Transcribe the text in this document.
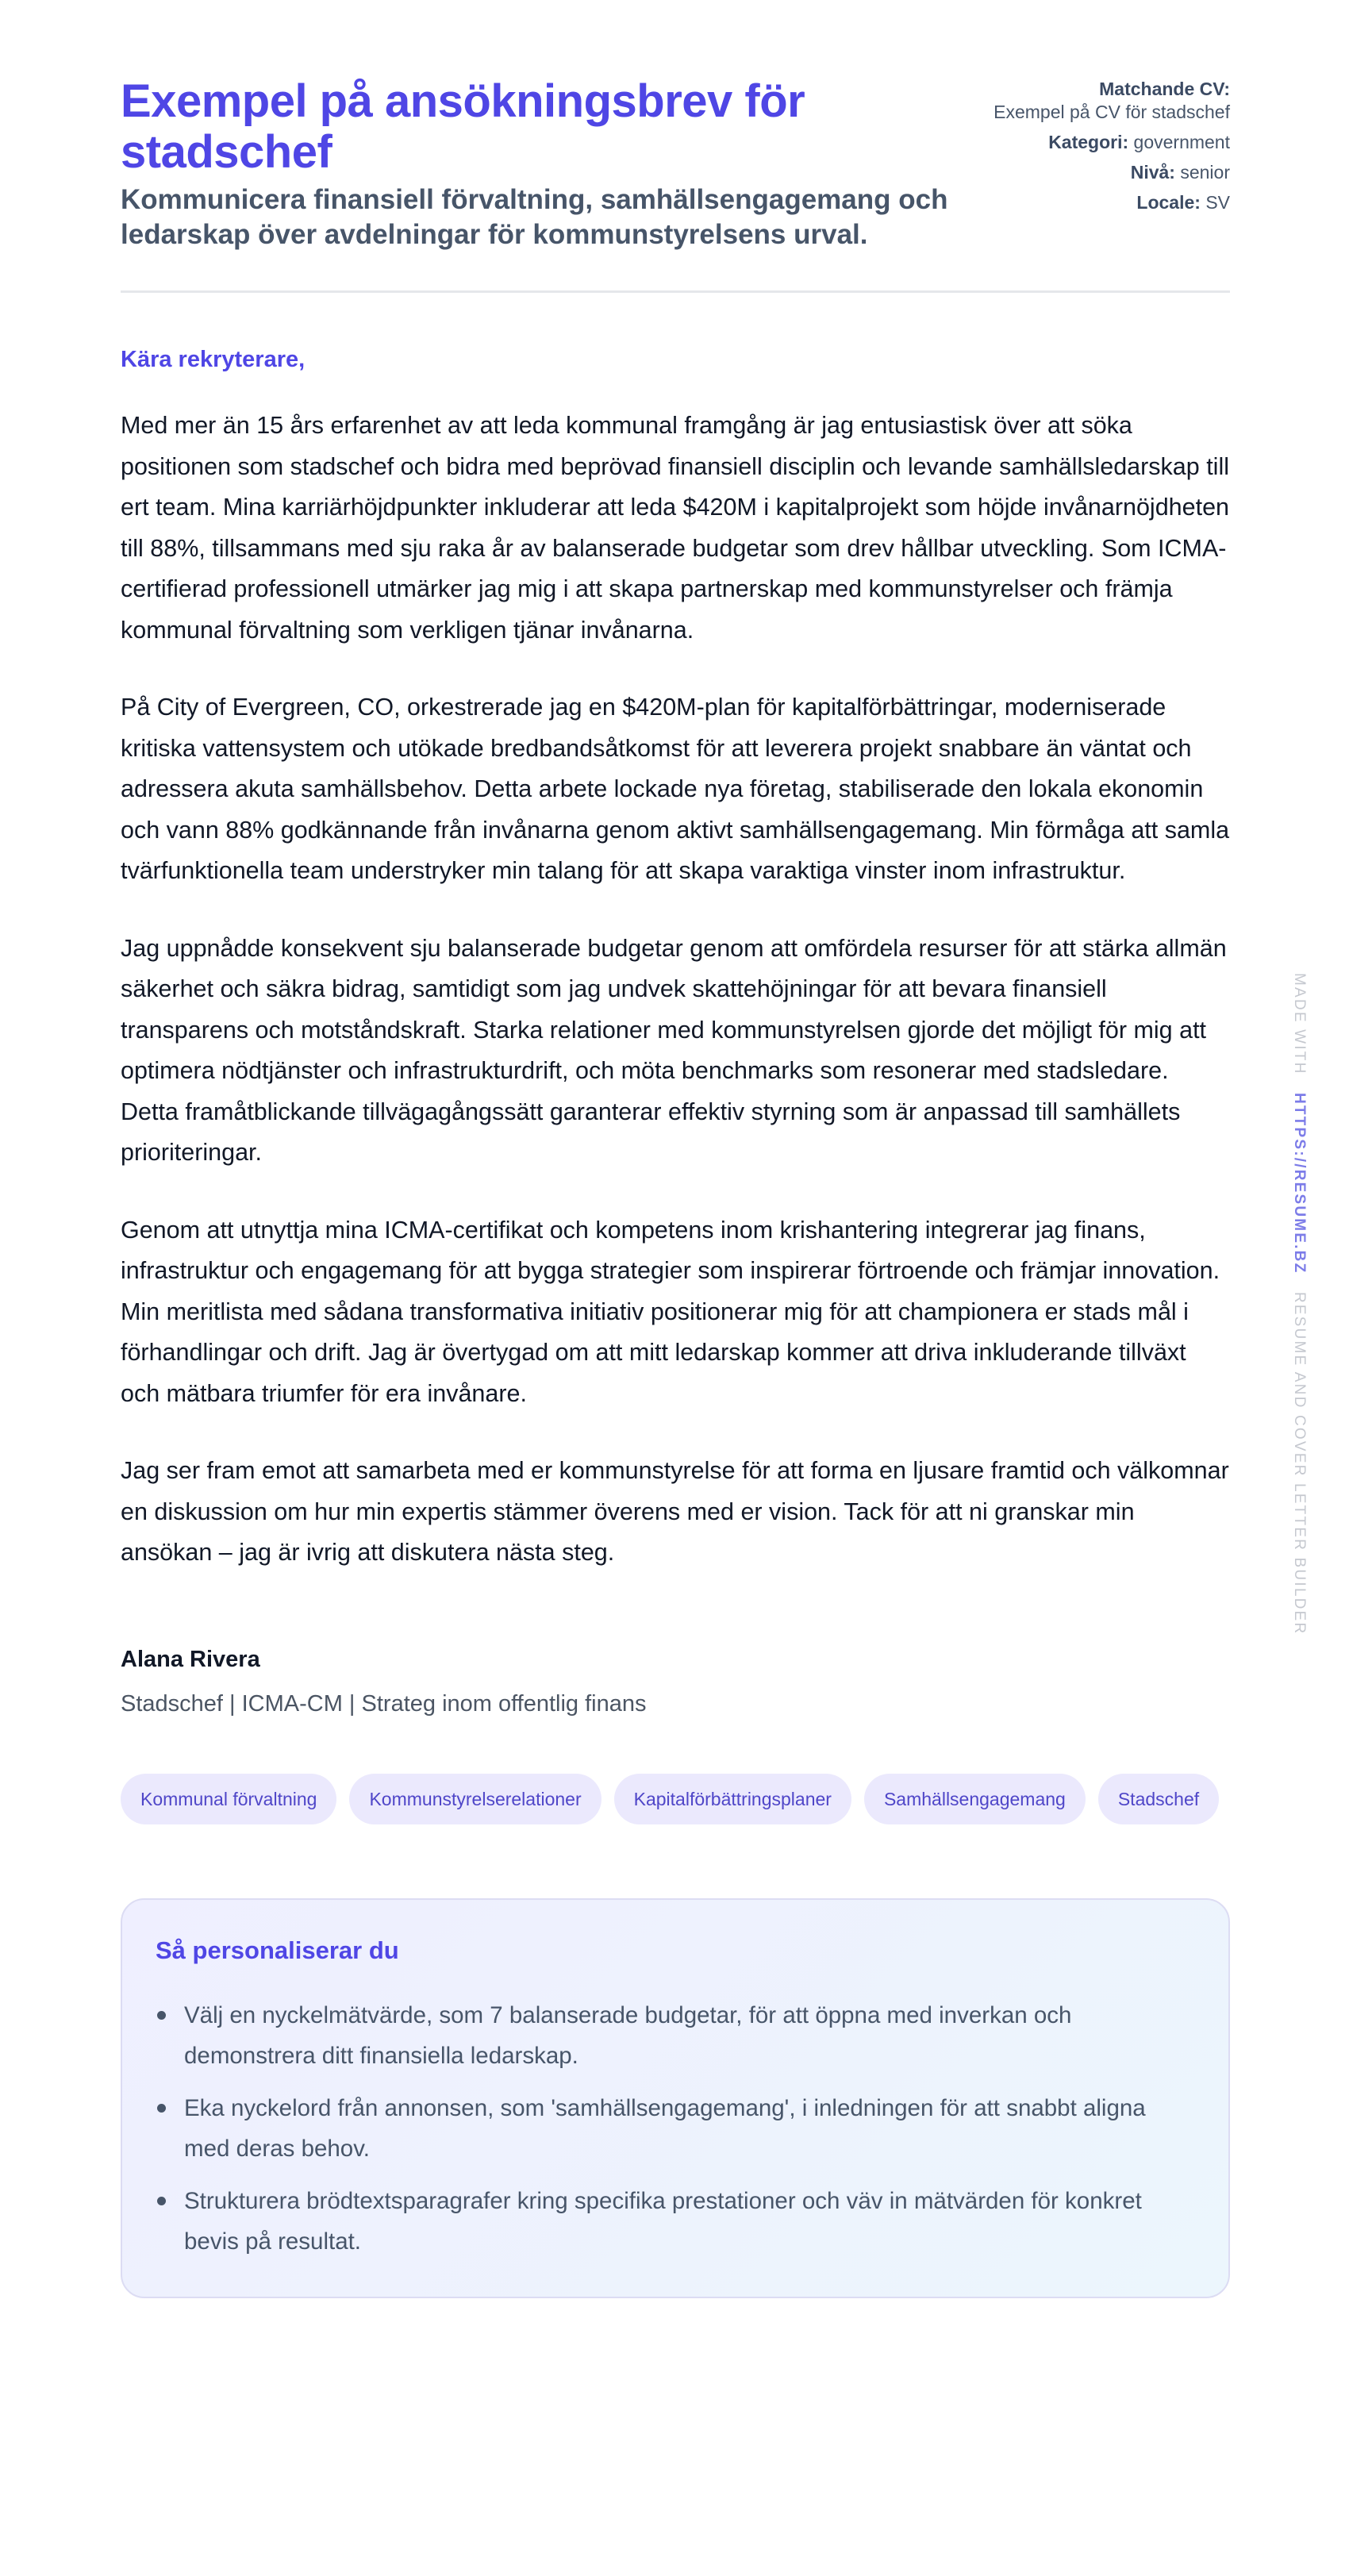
Exempel på ansökningsbrev för stadschef
Kommunicera finansiell förvaltning, samhällsengagemang och ledarskap över avdelningar för kommunstyrelsens urval.
Matchande CV:
Exempel på CV för stadschef
Kategori: government
Nivå: senior
Locale: SV

Kära rekryterare,

Med mer än 15 års erfarenhet av att leda kommunal framgång är jag entusiastisk över att söka positionen som stadschef och bidra med beprövad finansiell disciplin och levande samhällsledarskap till ert team. Mina karriärhöjdpunkter inkluderar att leda $420M i kapitalprojekt som höjde invånarnöjdheten till 88%, tillsammans med sju raka år av balanserade budgetar som drev hållbar utveckling. Som ICMA-certifierad professionell utmärker jag mig i att skapa partnerskap med kommunstyrelser och främja kommunal förvaltning som verkligen tjänar invånarna.

På City of Evergreen, CO, orkestrerade jag en $420M-plan för kapitalförbättringar, moderniserade kritiska vattensystem och utökade bredbandsåtkomst för att leverera projekt snabbare än väntat och adressera akuta samhällsbehov. Detta arbete lockade nya företag, stabiliserade den lokala ekonomin och vann 88% godkännande från invånarna genom aktivt samhällsengagemang. Min förmåga att samla tvärfunktionella team understryker min talang för att skapa varaktiga vinster inom infrastruktur.

Jag uppnådde konsekvent sju balanserade budgetar genom att omfördela resurser för att stärka allmän säkerhet och säkra bidrag, samtidigt som jag undvek skattehöjningar för att bevara finansiell transparens och motståndskraft. Starka relationer med kommunstyrelsen gjorde det möjligt för mig att optimera nödtjänster och infrastrukturdrift, och möta benchmarks som resonerar med stadsledare. Detta framåtblickande tillvägagångssätt garanterar effektiv styrning som är anpassad till samhällets prioriteringar.

Genom att utnyttja mina ICMA-certifikat och kompetens inom krishantering integrerar jag finans, infrastruktur och engagemang för att bygga strategier som inspirerar förtroende och främjar innovation. Min meritlista med sådana transformativa initiativ positionerar mig för att championera er stads mål i förhandlingar och drift. Jag är övertygad om att mitt ledarskap kommer att driva inkluderande tillväxt och mätbara triumfer för era invånare.

Jag ser fram emot att samarbeta med er kommunstyrelse för att forma en ljusare framtid och välkomnar en diskussion om hur min expertis stämmer överens med er vision. Tack för att ni granskar min ansökan – jag är ivrig att diskutera nästa steg.

Alana Rivera
Stadschef | ICMA-CM | Strateg inom offentlig finans
Kommunal förvaltning	Kommunstyrelserelationer	Kapitalförbättringsplaner	Samhällsengagemang	Stadschef
Så personaliserar du
Välj en nyckelmätvärde, som 7 balanserade budgetar, för att öppna med inverkan och demonstrera ditt finansiella ledarskap.
Eka nyckelord från annonsen, som 'samhällsengagemang', i inledningen för att snabbt aligna med deras behov.
Strukturera brödtextsparagrafer kring specifika prestationer och väv in mätvärden för konkret bevis på resultat.
MADE WITH   HTTPS://RESUME.BZ   RESUME AND COVER LETTER BUILDER
